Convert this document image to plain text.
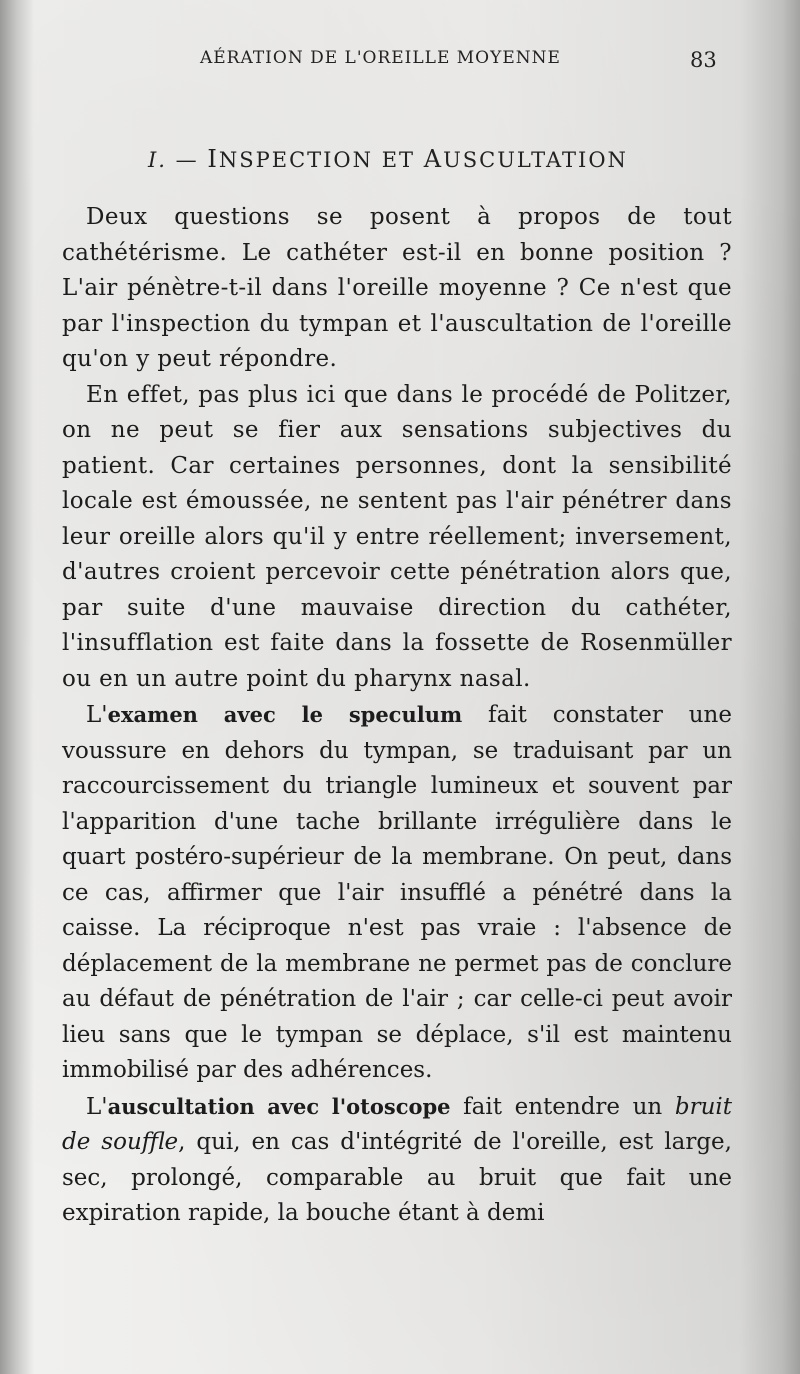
AÉRATION DE L'OREILLE MOYENNE	83
I. — INSPECTION ET AUSCULTATION

Deux questions se posent à propos de tout cathétérisme. Le cathéter est-il en bonne position ? L'air pénètre-t-il dans l'oreille moyenne ? Ce n'est que par l'inspection du tympan et l'auscultation de l'oreille qu'on y peut répondre.

En effet, pas plus ici que dans le procédé de Politzer, on ne peut se fier aux sensations subjectives du patient. Car certaines personnes, dont la sensibilité locale est émoussée, ne sentent pas l'air pénétrer dans leur oreille alors qu'il y entre réellement; inversement, d'autres croient percevoir cette pénétration alors que, par suite d'une mauvaise direction du cathéter, l'insufflation est faite dans la fossette de Rosenmüller ou en un autre point du pharynx nasal.

L'examen avec le speculum fait constater une voussure en dehors du tympan, se traduisant par un raccourcissement du triangle lumineux et souvent par l'apparition d'une tache brillante irrégulière dans le quart postéro-supérieur de la membrane. On peut, dans ce cas, affirmer que l'air insufflé a pénétré dans la caisse. La réciproque n'est pas vraie : l'absence de déplacement de la membrane ne permet pas de conclure au défaut de pénétration de l'air ; car celle-ci peut avoir lieu sans que le tympan se déplace, s'il est maintenu immobilisé par des adhérences.

L'auscultation avec l'otoscope fait entendre un bruit de souffle, qui, en cas d'intégrité de l'oreille, est large, sec, prolongé, comparable au bruit que fait une expiration rapide, la bouche étant à demi
